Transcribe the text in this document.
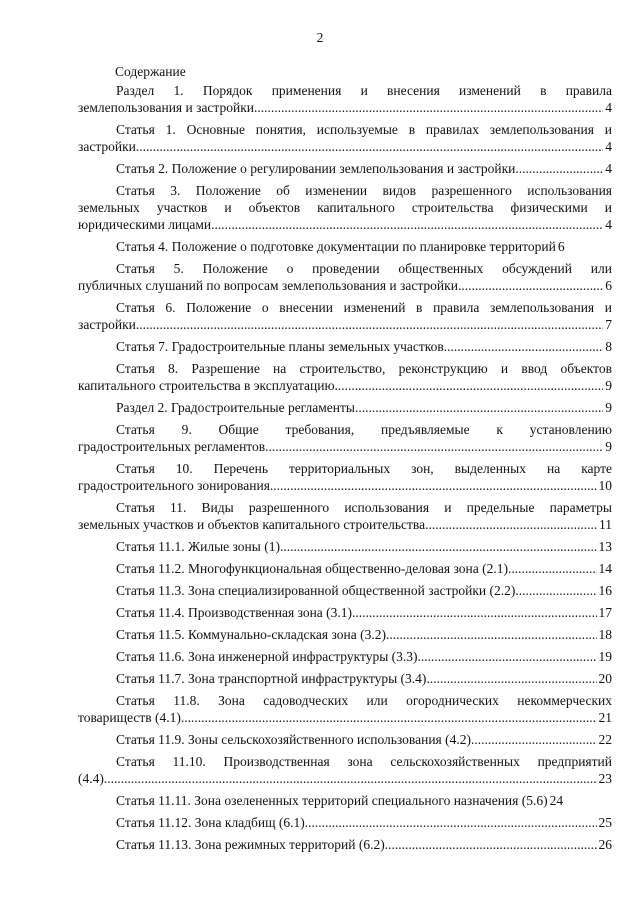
2
Содержание
Раздел 1. Порядок применения и внесения изменений в правила
землепользования и застройки .....	4
Статья 1. Основные понятия, используемые в правилах землепользования и
застройки .....	4
Статья 2. Положение о регулировании землепользования и застройки .....	4
Статья 3. Положение об изменении видов разрешенного использования
земельных участков и объектов капитального строительства физическими и
юридическими лицами .....	4
Статья 4. Положение о подготовке документации по планировке территорий 6
Статья 5. Положение о проведении общественных обсуждений или
публичных слушаний по вопросам землепользования и застройки .....	6
Статья 6. Положение о внесении изменений в правила землепользования и
застройки .....	7
Статья 7. Градостроительные планы земельных участков .....	8
Статья 8. Разрешение на строительство, реконструкцию и ввод объектов
капитального строительства в эксплуатацию .....	9
Раздел 2. Градостроительные регламенты .....	9
Статья 9. Общие требования, предъявляемые к установлению
градостроительных регламентов .....	9
Статья 10. Перечень территориальных зон, выделенных на карте
градостроительного зонирования .....	10
Статья 11. Виды разрешенного использования и предельные параметры
земельных участков и объектов капитального строительства .....	11
Статья 11.1. Жилые зоны (1) .....	13
Статья 11.2. Многофункциональная общественно-деловая зона (2.1) .....	14
Статья 11.3. Зона специализированной общественной застройки (2.2) .....	16
Статья 11.4. Производственная зона (3.1) .....	17
Статья 11.5. Коммунально-складская зона (3.2) .....	18
Статья 11.6. Зона инженерной инфраструктуры (3.3) .....	19
Статья 11.7. Зона транспортной инфраструктуры (3.4) .....	20
Статья 11.8. Зона садоводческих или огороднических некоммерческих
товариществ (4.1) .....	21
Статья 11.9. Зоны сельскохозяйственного использования (4.2) .....	22
Статья 11.10. Производственная зона сельскохозяйственных предприятий
(4.4) .....	23
Статья 11.11. Зона озелененных территорий специального назначения (5.6) 24
Статья 11.12. Зона кладбищ (6.1) .....	25
Статья 11.13. Зона режимных территорий (6.2) .....	26
